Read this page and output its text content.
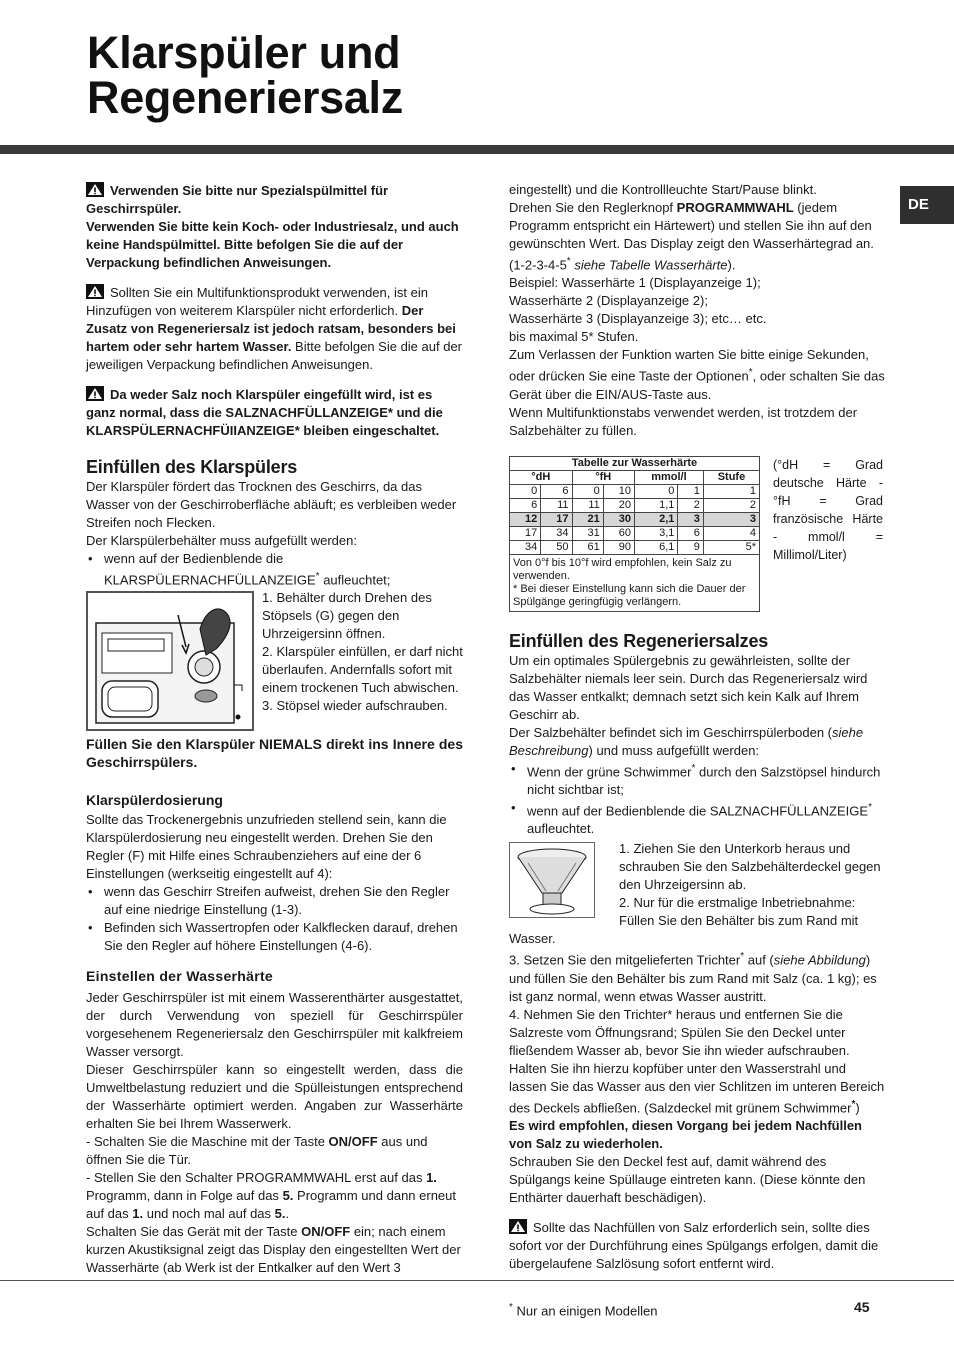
Klarspüler und
Regeneriersalz
DE

Verwenden Sie bitte nur Spezialspülmittel für Geschirrspüler.
Verwenden Sie bitte kein Koch- oder Industriesalz, und auch keine Handspülmittel. Bitte befolgen Sie die auf der Verpackung befindlichen Anweisungen.

Sollten Sie ein Multifunktionsprodukt verwenden, ist ein Hinzufügen von weiterem Klarspüler nicht erforderlich. Der Zusatz von Regeneriersalz ist jedoch ratsam, besonders bei hartem oder sehr hartem Wasser. Bitte befolgen Sie die auf der jeweiligen Verpackung befindlichen Anweisungen.

Da weder Salz noch Klarspüler eingefüllt wird, ist es ganz normal, dass die SALZNACHFÜLLANZEIGE* und die KLARSPÜLERNACHFÜIIANZEIGE* bleiben eingeschaltet.

Einfüllen des Klarspülers

Der Klarspüler fördert das Trocknen des Geschirrs, da das Wasser von der Geschirroberfläche abläuft; es verbleiben weder Streifen noch Flecken.

Der Klarspülerbehälter muss aufgefüllt werden:

• wenn auf der Bedienblende die KLARSPÜLERNACHFÜLLANZEIGE* aufleuchtet;

1. Behälter durch Drehen des Stöpsels (G) gegen den Uhrzeigersinn öffnen.

2. Klarspüler einfüllen, er darf nicht überlaufen. Andernfalls sofort mit einem trockenen Tuch abwischen.

3. Stöpsel wieder aufschrauben.

Füllen Sie den Klarspüler NIEMALS direkt ins Innere des Geschirrspülers.

Klarspülerdosierung

Sollte das Trockenergebnis unzufrieden stellend sein, kann die Klarspülerdosierung neu eingestellt werden. Drehen Sie den Regler (F) mit Hilfe eines Schraubenziehers auf eine der 6 Einstellungen (werkseitig eingestellt auf 4):

• wenn das Geschirr Streifen aufweist, drehen Sie den Regler auf eine niedrige Einstellung (1-3).

• Befinden sich Wassertropfen oder Kalkflecken darauf, drehen Sie den Regler auf höhere Einstellungen (4-6).

Einstellen der Wasserhärte

Jeder Geschirrspüler ist mit einem Wasserenthärter ausgestattet, der durch Verwendung von speziell für Geschirrspüler vorgesehenem Regeneriersalz den Geschirrspüler mit kalkfreiem Wasser versorgt.

Dieser Geschirrspüler kann so eingestellt werden, dass die Umweltbelastung reduziert und die Spülleistungen entsprechend der Wasserhärte optimiert werden. Angaben zur Wasserhärte erhalten Sie bei Ihrem Wasserwerk.

- Schalten Sie die Maschine mit der Taste ON/OFF aus und öffnen Sie die Tür.

- Stellen Sie den Schalter PROGRAMMWAHL erst auf das 1. Programm, dann in Folge auf das 5. Programm und dann erneut auf das 1. und noch mal auf das 5..

Schalten Sie das Gerät mit der Taste ON/OFF ein; nach einem kurzen Akustiksignal zeigt das Display den eingestellten Wert der Wasserhärte (ab Werk ist der Entkalker auf den Wert 3

eingestellt) und die Kontrollleuchte Start/Pause blinkt.

Drehen Sie den Reglerknopf PROGRAMMWAHL (jedem Programm entspricht ein Härtewert) und stellen Sie ihn auf den gewünschten Wert. Das Display zeigt den Wasserhärtegrad an. (1-2-3-4-5* siehe Tabelle Wasserhärte).

Beispiel: Wasserhärte 1 (Displayanzeige 1);

Wasserhärte 2 (Displayanzeige 2);

Wasserhärte 3 (Displayanzeige 3); etc… etc.

bis maximal 5* Stufen.

Zum Verlassen der Funktion warten Sie bitte einige Sekunden, oder drücken Sie eine Taste der Optionen*, oder schalten Sie das Gerät über die EIN/AUS-Taste aus.

Wenn Multifunktionstabs verwendet werden, ist trotzdem der Salzbehälter zu füllen.

Tabelle zur Wasserhärte						
°dH		°fH		mmol/l		Stufe
0	6	0	10	0	1	1
6	11	11	20	1,1	2	2
12	17	21	30	2,1	3	3
17	34	31	60	3,1	6	4
34	50	61	90	6,1	9	5*

Von 0°f bis 10°f wird empfohlen, kein Salz zu verwenden.
* Bei dieser Einstellung kann sich die Dauer der Spülgänge geringfügig verlängern.						
(°dH = Grad deutsche Härte - °fH = Grad französische Härte - mmol/l = Millimol/Liter)
Einfüllen des Regeneriersalzes

Um ein optimales Spülergebnis zu gewährleisten, sollte der Salzbehälter niemals leer sein. Durch das Regeneriersalz wird das Wasser entkalkt; demnach setzt sich kein Kalk auf Ihrem Geschirr ab.

Der Salzbehälter befindet sich im Geschirrspülerboden (siehe Beschreibung) und muss aufgefüllt werden:

• Wenn der grüne Schwimmer* durch den Salzstöpsel hindurch nicht sichtbar ist;

• wenn auf der Bedienblende die SALZNACHFÜLLANZEIGE* aufleuchtet.

1. Ziehen Sie den Unterkorb heraus und schrauben Sie den Salzbehälterdeckel gegen den Uhrzeigersinn ab.

2. Nur für die erstmalige Inbetriebnahme: Füllen Sie den Behälter bis zum Rand mit Wasser.

3. Setzen Sie den mitgelieferten Trichter* auf (siehe Abbildung) und füllen Sie den Behälter bis zum Rand mit Salz (ca. 1 kg); es ist ganz normal, wenn etwas Wasser austritt.

4. Nehmen Sie den Trichter* heraus und entfernen Sie die Salzreste vom Öffnungsrand; Spülen Sie den Deckel unter fließendem Wasser ab, bevor Sie ihn wieder aufschrauben. Halten Sie ihn hierzu kopfüber unter den Wasserstrahl und lassen Sie das Wasser aus den vier Schlitzen im unteren Bereich des Deckels abfließen. (Salzdeckel mit grünem Schwimmer*)

Es wird empfohlen, diesen Vorgang bei jedem Nachfüllen von Salz zu wiederholen.

Schrauben Sie den Deckel fest auf, damit während des Spülgangs keine Spüllauge eintreten kann. (Diese könnte den Enthärter dauerhaft beschädigen).

Sollte das Nachfüllen von Salz erforderlich sein, sollte dies sofort vor der Durchführung eines Spülgangs erfolgen, damit die übergelaufene Salzlösung sofort entfernt wird.

* Nur an einigen Modellen	45
